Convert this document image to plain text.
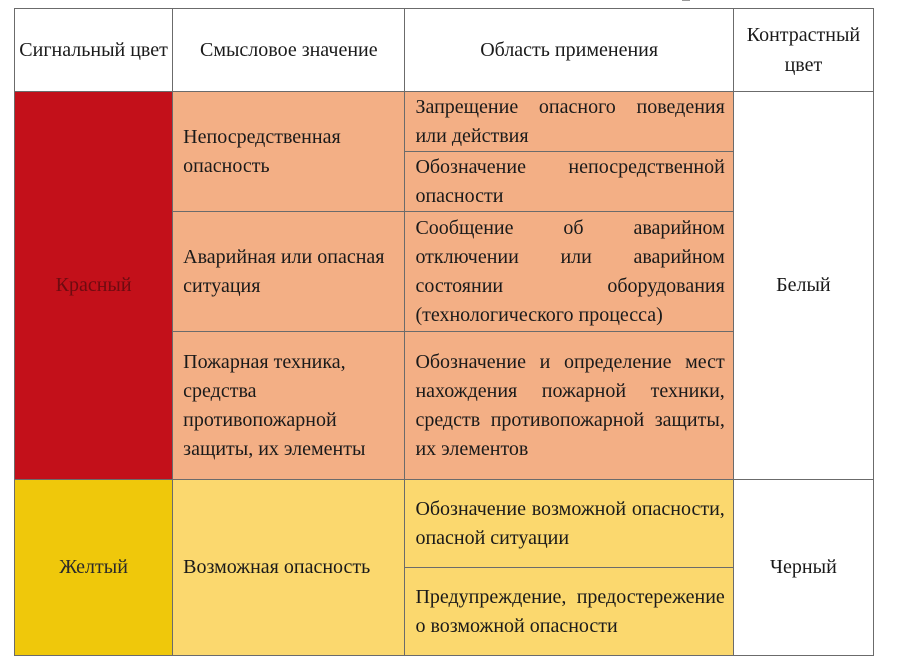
Сигнальный цвет	Смысловое значение	Область применения	Контрастный цвет
Красный	Непосредственная опасность	Запрещение опасного поведения или действия	Белый
		Обозначение непосредственной опасности	
	Аварийная или опасная ситуация	Сообщение об аварийном отключении или аварийном состоянии оборудования (технологического процесса)	
	Пожарная техника, средства противопожарной защиты, их элементы	Обозначение и определение мест нахождения пожарной техники, средств противопожарной защиты, их элементов	
Желтый	Возможная опасность	Обозначение возможной опасности, опасной ситуации	Черный
		Предупреждение, предостережение о возможной опасности	
